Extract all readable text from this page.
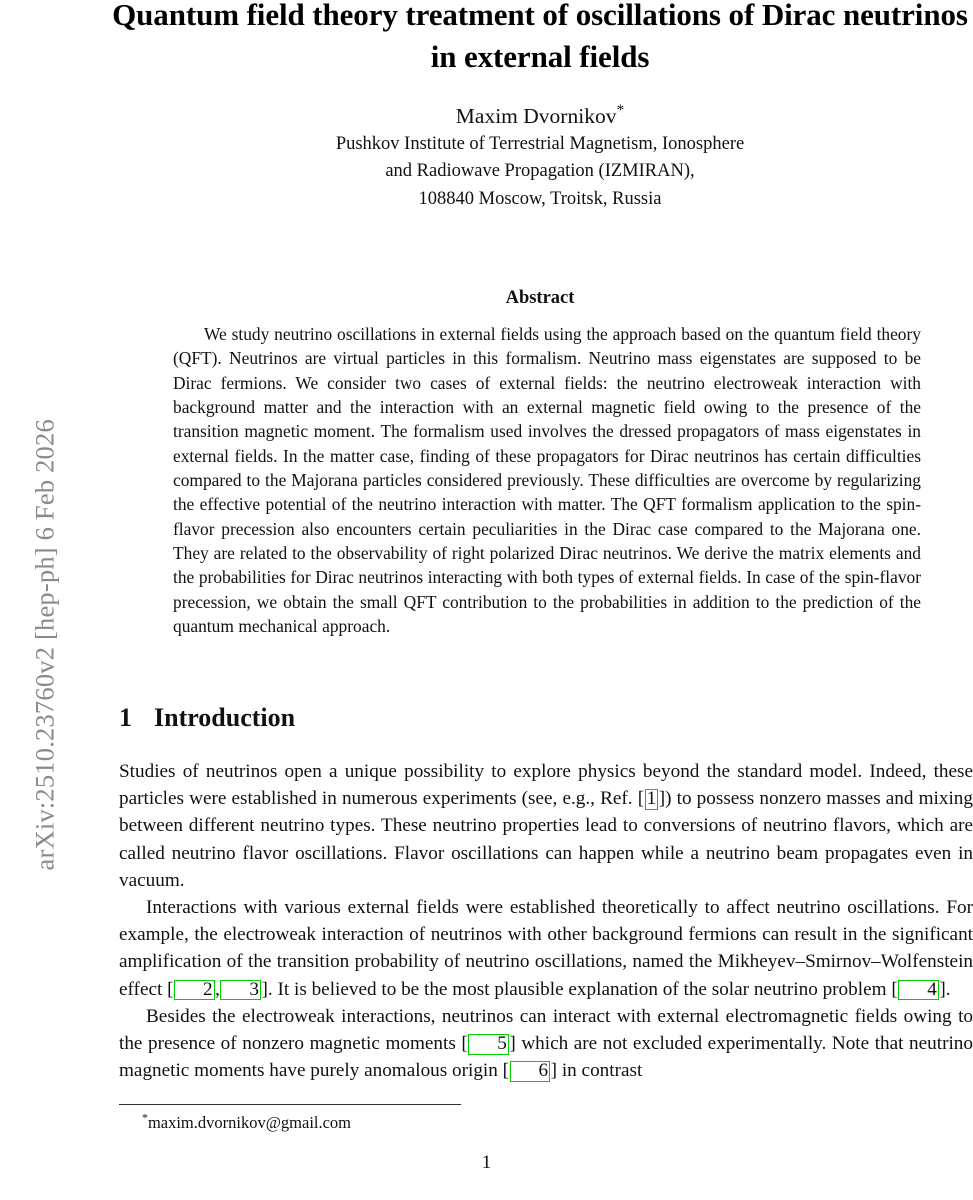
arXiv:2510.23760v2 [hep-ph] 6 Feb 2026
Quantum field theory treatment of oscillations of Dirac neutrinos in external fields
Maxim Dvornikov*
Pushkov Institute of Terrestrial Magnetism, Ionosphere
and Radiowave Propagation (IZMIRAN),
108840 Moscow, Troitsk, Russia
Abstract
We study neutrino oscillations in external fields using the approach based on the quantum field theory (QFT). Neutrinos are virtual particles in this formalism. Neutrino mass eigenstates are supposed to be Dirac fermions. We consider two cases of external fields: the neutrino electroweak interaction with background matter and the interaction with an external magnetic field owing to the presence of the transition magnetic moment. The formalism used involves the dressed propagators of mass eigenstates in external fields. In the matter case, finding of these propagators for Dirac neutrinos has certain difficulties compared to the Majorana particles considered previously. These difficulties are overcome by regularizing the effective potential of the neutrino interaction with matter. The QFT formalism application to the spin-flavor precession also encounters certain peculiarities in the Dirac case compared to the Majorana one. They are related to the observability of right polarized Dirac neutrinos. We derive the matrix elements and the probabilities for Dirac neutrinos interacting with both types of external fields. In case of the spin-flavor precession, we obtain the small QFT contribution to the probabilities in addition to the prediction of the quantum mechanical approach.
1 Introduction

Studies of neutrinos open a unique possibility to explore physics beyond the standard model. Indeed, these particles were established in numerous experiments (see, e.g., Ref. [ 1 ]) to possess nonzero masses and mixing between different neutrino types. These neutrino properties lead to conversions of neutrino flavors, which are called neutrino flavor oscillations. Flavor oscillations can happen while a neutrino beam propagates even in vacuum.

Interactions with various external fields were established theoretically to affect neutrino oscillations. For example, the electroweak interaction of neutrinos with other background fermions can result in the significant amplification of the transition probability of neutrino oscillations, named the Mikheyev–Smirnov–Wolfenstein effect [ 2 , 3 ]. It is believed to be the most plausible explanation of the solar neutrino problem [ 4 ].

Besides the electroweak interactions, neutrinos can interact with external electromagnetic fields owing to the presence of nonzero magnetic moments [ 5 ] which are not excluded experimentally. Note that neutrino magnetic moments have purely anomalous origin [ 6 ] in contrast

*maxim.dvornikov@gmail.com
1
